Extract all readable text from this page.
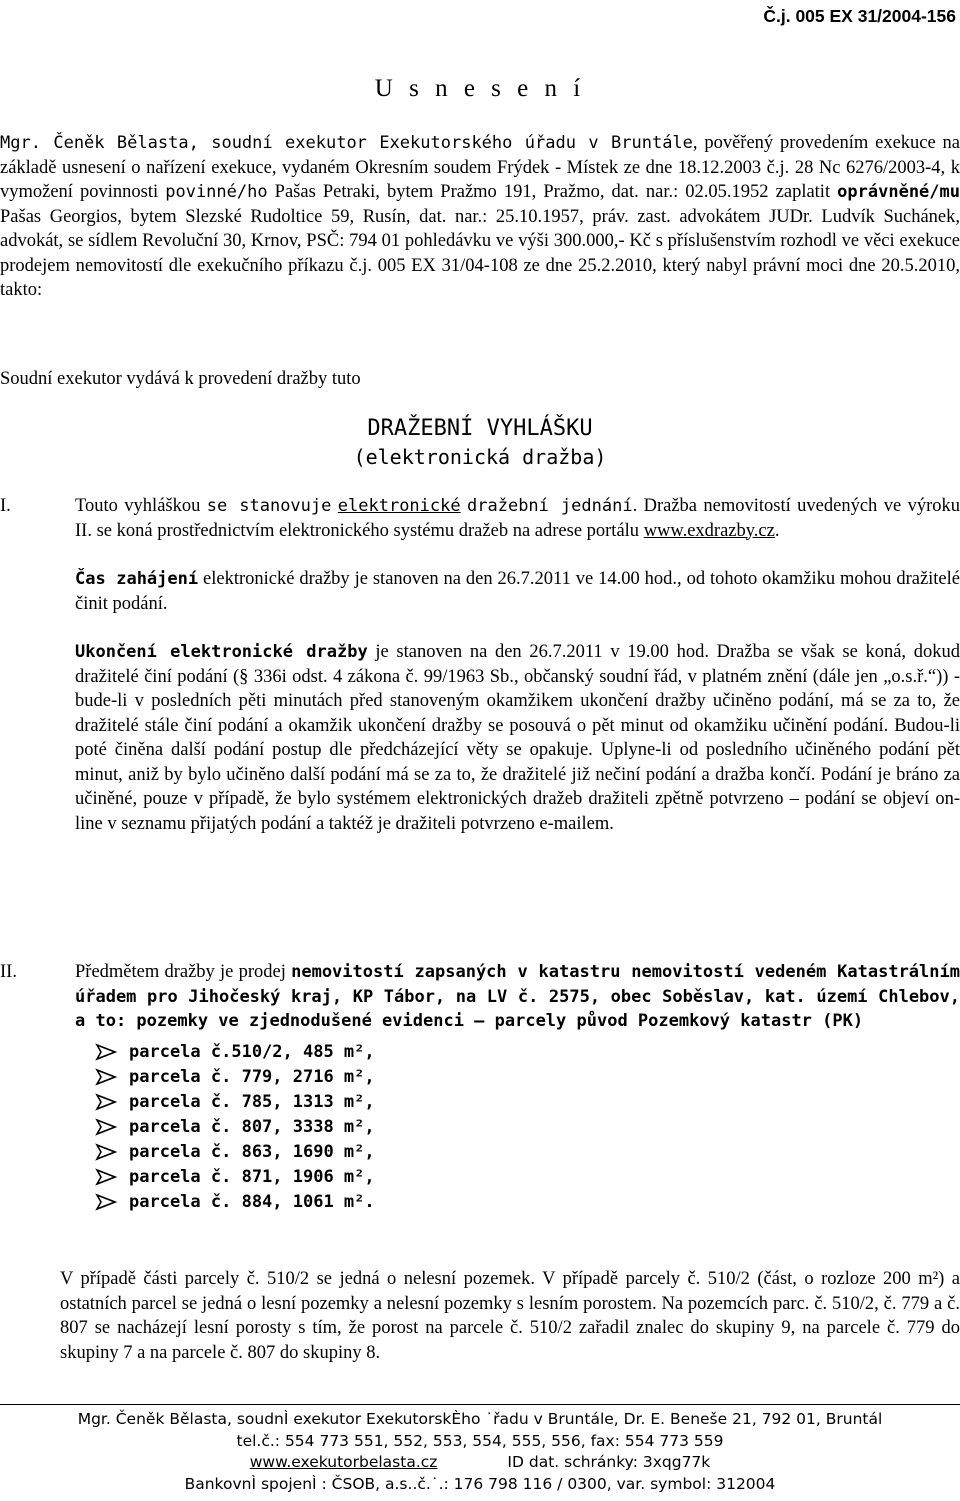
Č.j. 005 EX 31/2004-156
U s n e s e n í
Mgr. Čeněk Bělasta, soudní exekutor Exekutorského úřadu v Bruntále, pověřený provedením exekuce na základě usnesení o nařízení exekuce, vydaném Okresním soudem Frýdek - Místek ze dne 18.12.2003 č.j. 28 Nc 6276/2003-4, k vymožení povinnosti povinné/ho Pašas Petraki, bytem Pražmo 191, Pražmo, dat. nar.: 02.05.1952 zaplatit oprávněné/mu Pašas Georgios, bytem Slezské Rudoltice 59, Rusín, dat. nar.: 25.10.1957, práv. zast. advokátem JUDr. Ludvík Suchánek, advokát, se sídlem Revoluční 30, Krnov, PSČ: 794 01 pohledávku ve výši 300.000,- Kč s příslušenstvím rozhodl ve věci exekuce prodejem nemovitostí dle exekučního příkazu č.j. 005 EX 31/04-108 ze dne 25.2.2010, který nabyl právní moci dne 20.5.2010, takto:
Soudní exekutor vydává k provedení dražby tuto
DRAŽEBNÍ VYHLÁŠKU
(elektronická dražba)
I.	Touto vyhláškou se stanovuje elektronické dražební jednání. Dražba nemovitostí uvedených ve výroku II. se koná prostřednictvím elektronického systému dražeb na adrese portálu www.exdrazby.cz.

Čas zahájení elektronické dražby je stanoven na den 26.7.2011 ve 14.00 hod., od tohoto okamžiku mohou dražitelé činit podání.

Ukončení elektronické dražby je stanoven na den 26.7.2011 v 19.00 hod. Dražba se však se koná, dokud dražitelé činí podání (§ 336i odst. 4 zákona č. 99/1963 Sb., občanský soudní řád, v platném znění (dále jen „o.s.ř.“)) - bude-li v posledních pěti minutách před stanoveným okamžikem ukončení dražby učiněno podání, má se za to, že dražitelé stále činí podání a okamžik ukončení dražby se posouvá o pět minut od okamžiku učinění podání. Budou-li poté činěna další podání postup dle předcházející věty se opakuje. Uplyne-li od posledního učiněného podání pět minut, aniž by bylo učiněno další podání má se za to, že dražitelé již nečiní podání a dražba končí. Podání je bráno za učiněné, pouze v případě, že bylo systémem elektronických dražeb dražiteli zpětně potvrzeno – podání se objeví on-line v seznamu přijatých podání a taktéž je dražiteli potvrzeno e-mailem.

II.	Předmětem dražby je prodej nemovitostí zapsaných v katastru nemovitostí vedeném Katastrálním úřadem pro Jihočeský kraj, KP Tábor, na LV č. 2575, obec Soběslav, kat. území Chlebov, a to: pozemky ve zjednodušené evidenci – parcely původ Pozemkový katastr (PK)

parcela č.510/2, 485 m²,
parcela č. 779, 2716 m²,
parcela č. 785, 1313 m²,
parcela č. 807, 3338 m²,
parcela č. 863, 1690 m²,
parcela č. 871, 1906 m²,
parcela č. 884, 1061 m².
V případě části parcely č. 510/2 se jedná o nelesní pozemek. V případě parcely č. 510/2 (část, o rozloze 200 m²) a ostatních parcel se jedná o lesní pozemky a nelesní pozemky s lesním porostem. Na pozemcích parc. č. 510/2, č. 779 a č. 807 se nacházejí lesní porosty s tím, že porost na parcele č. 510/2 zařadil znalec do skupiny 9, na parcele č. 779 do skupiny 7 a na parcele č. 807 do skupiny 8.
Mgr. Čeněk Bělasta, soudnÌ exekutor ExekutorskÈho ˙řadu v Bruntále, Dr. E. Beneše 21, 792 01, Bruntál
tel.č.: 554 773 551, 552, 553, 554, 555, 556, fax: 554 773 559
www.exekutorbelasta.cz	ID dat. schránky: 3xqg77k
BankovnÌ spojenÌ : ČSOB, a.s..č.˙.: 176 798 116 / 0300, var. symbol: 312004
